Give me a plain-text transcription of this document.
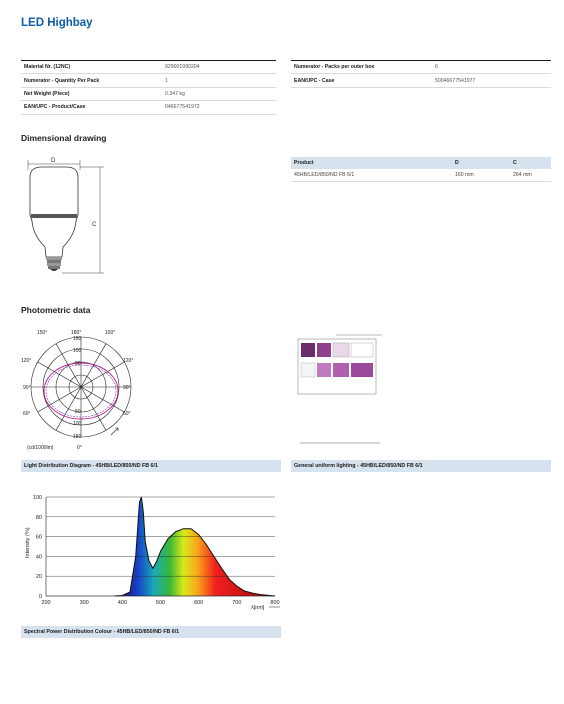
LED Highbay
Material Nr. (12NC)	929001990204
Numerator - Quantity Per Pack	1
Net Weight (Piece)	0.347 kg
EAN/UPC - Product/Case	046677541972
Numerator - Packs per outer box	6
EAN/UPC - Case	50046677541977
Dimensional drawing
D
C
Product	D	C
45HB/LED/850/ND FB 6/1	160 mm	264 mm
Photometric data
150°	180°	150°
120°	120°
90°	90°
60°	60°
150
100
50
50
100
150
(cd/1000lm)	0°
Light Distribution Diagram - 45HB/LED/850/ND FB 6/1	General uniform lighting - 45HB/LED/850/ND FB 6/1
0
20
40
60
80
100
200	300	400	500	600	700	800
Intensity (%)
λ[nm]
Spectral Power Distribution Colour - 45HB/LED/850/ND FB 6/1
